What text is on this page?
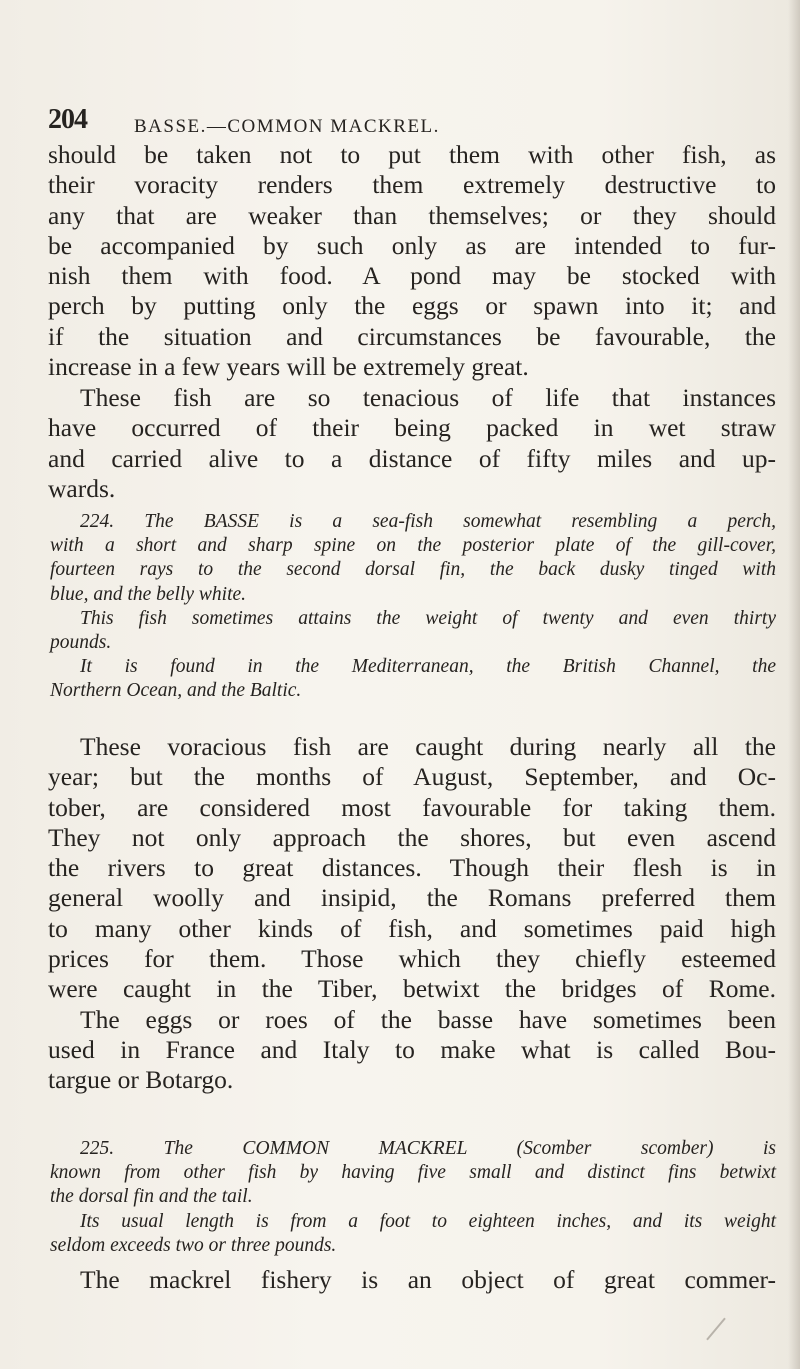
204 BASSE.—COMMON MACKREL.

should be taken not to put them with other fish, as
their voracity renders them extremely destructive to
any that are weaker than themselves; or they should
be accompanied by such only as are intended to fur-
nish them with food. A pond may be stocked with
perch by putting only the eggs or spawn into it; and
if the situation and circumstances be favourable, the
increase in a few years will be extremely great.

These fish are so tenacious of life that instances
have occurred of their being packed in wet straw
and carried alive to a distance of fifty miles and up-
wards.

224. The BASSE is a sea-fish somewhat resembling a perch,
with a short and sharp spine on the posterior plate of the gill-cover,
fourteen rays to the second dorsal fin, the back dusky tinged with
blue, and the belly white.
This fish sometimes attains the weight of twenty and even thirty
pounds.
It is found in the Mediterranean, the British Channel, the
Northern Ocean, and the Baltic.

These voracious fish are caught during nearly all the
year; but the months of August, September, and Oc-
tober, are considered most favourable for taking them.
They not only approach the shores, but even ascend
the rivers to great distances. Though their flesh is in
general woolly and insipid, the Romans preferred them
to many other kinds of fish, and sometimes paid high
prices for them. Those which they chiefly esteemed
were caught in the Tiber, betwixt the bridges of Rome.
The eggs or roes of the basse have sometimes been
used in France and Italy to make what is called Bou-
targue or Botargo.

225. The COMMON MACKREL (Scomber scomber) is
known from other fish by having five small and distinct fins betwixt
the dorsal fin and the tail.
Its usual length is from a foot to eighteen inches, and its weight
seldom exceeds two or three pounds.

The mackrel fishery is an object of great commer-
